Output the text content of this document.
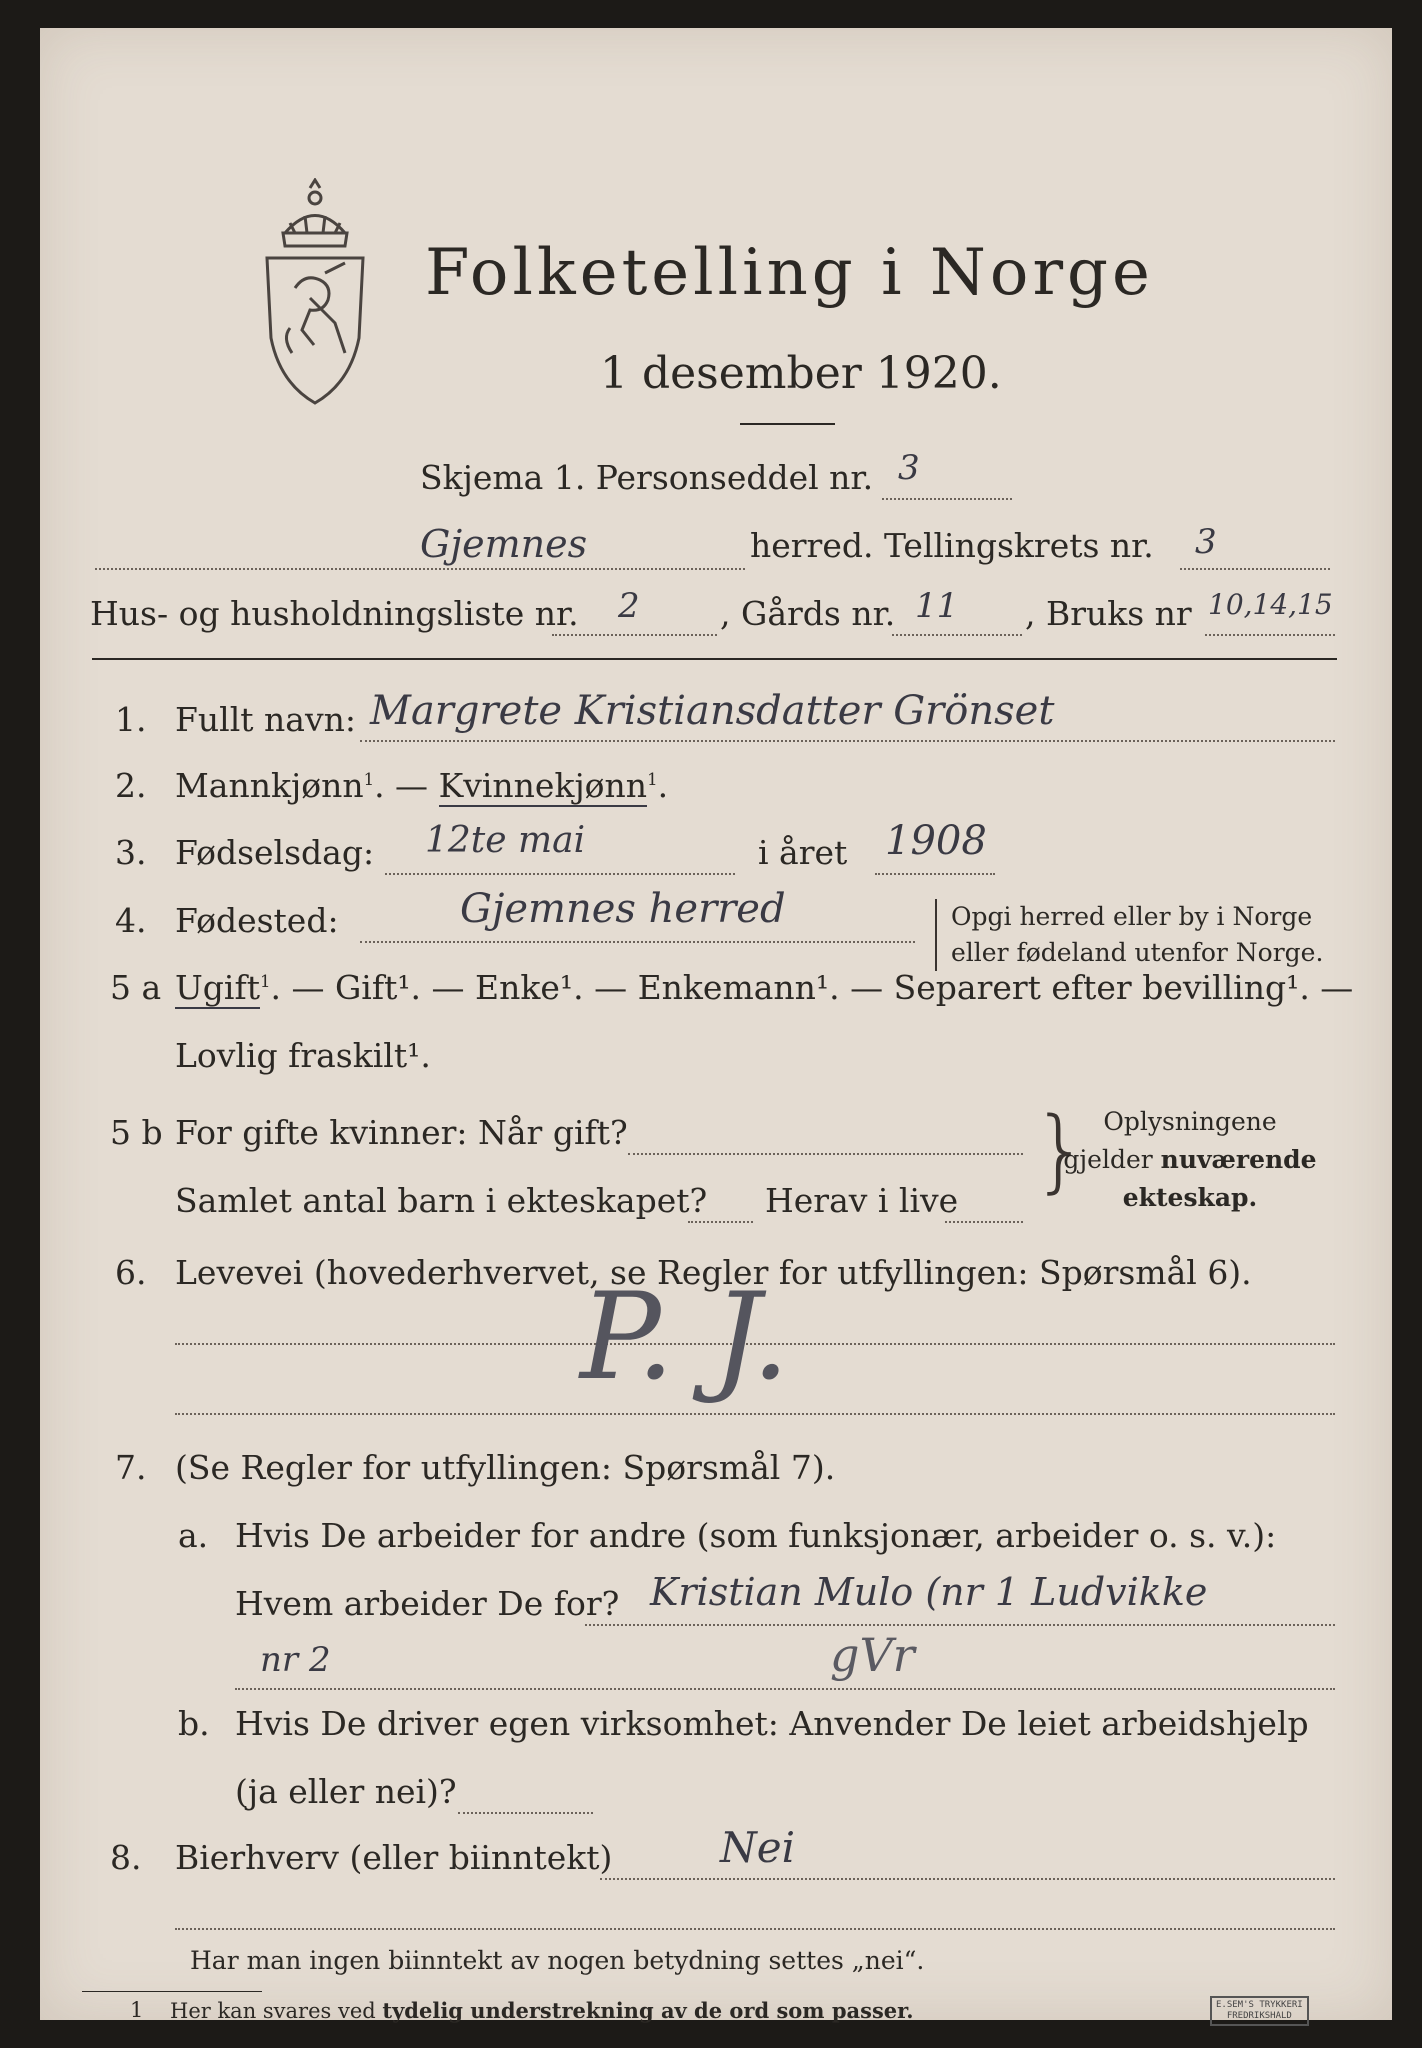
Folketelling i Norge
1 desember 1920.
Skjema 1. Personseddel nr. 3
Gjemnes	herred. Tellingskrets nr. 3
Hus- og husholdningsliste nr. 2 , Gårds nr. 11 , Bruks nr 10,14,15
1. Fullt navn: Margrete Kristiansdatter Grönset
2. Mannkjønn$^1$. — Kvinnekjønn$^1$.
3. Fødselsdag: 12te mai	i året 1908
4. Fødested:	Gjemnes herred	Opgi herred eller by i Norge
eller fødeland utenfor Norge.
5 a Ugift$^1$. — Gift¹. — Enke¹. — Enkemann¹. — Separert efter bevilling¹. —
Lovlig fraskilt¹.
5 b For gifte kvinner: Når gift?
Samlet antal barn i ekteskapet? Herav i live } Oplysningene
gjelder nuværende
ekteskap.
6. Levevei (hovederhvervet, se Regler for utfyllingen: Spørsmål 6).
P. J.
7. (Se Regler for utfyllingen: Spørsmål 7).
a. Hvis De arbeider for andre (som funksjonær, arbeider o. s. v.):
Hvem arbeider De for? Kristian Mulo (nr 1 Ludvikke
nr 2	gVr
b. Hvis De driver egen virksomhet: Anvender De leiet arbeidshjelp
(ja eller nei)?
8. Bierhverv (eller biinntekt)	Nei
Har man ingen biinntekt av nogen betydning settes „nei“.
1 Her kan svares ved tydelig understrekning av de ord som passer.	E.SEM'S TRYKKERI
FREDRIKSHALD
